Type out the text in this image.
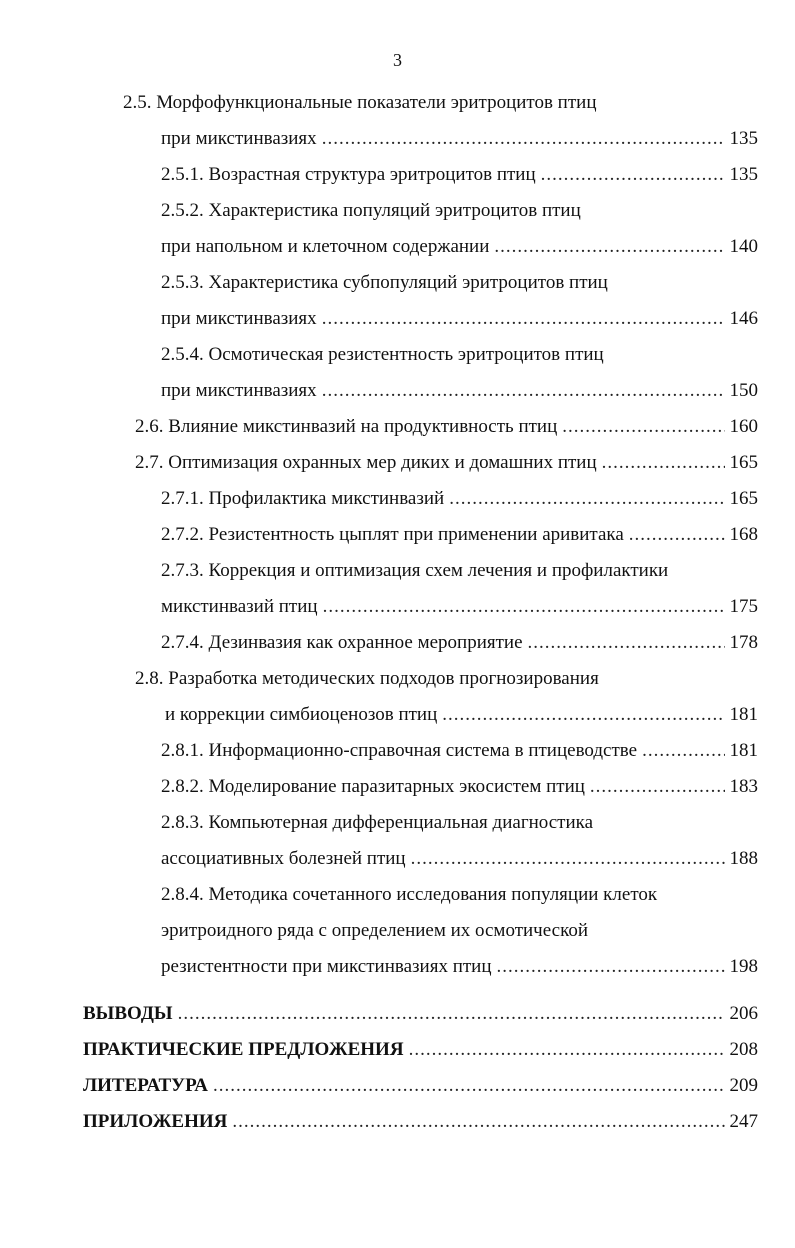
3
2.5. Морфофункциональные показатели эритроцитов птиц
при микстинвазиях .....	135
2.5.1. Возрастная структура эритроцитов птиц .....	135
2.5.2. Характеристика популяций эритроцитов птиц
при напольном и клеточном содержании .....	140
2.5.3. Характеристика субпопуляций эритроцитов птиц
при микстинвазиях .....	146
2.5.4. Осмотическая резистентность эритроцитов птиц
при микстинвазиях .....	150
2.6. Влияние микстинвазий на продуктивность птиц .....	160
2.7. Оптимизация охранных мер диких и домашних птиц .....	165
2.7.1. Профилактика микстинвазий .....	165
2.7.2. Резистентность цыплят при применении аривитака .....	168
2.7.3. Коррекция и оптимизация схем лечения и профилактики
микстинвазий птиц .....	175
2.7.4. Дезинвазия как охранное мероприятие .....	178
2.8. Разработка методических подходов прогнозирования
и коррекции симбиоценозов птиц .....	181
2.8.1. Информационно-справочная система в птицеводстве .....	181
2.8.2. Моделирование паразитарных экосистем птиц .....	183
2.8.3. Компьютерная дифференциальная диагностика
ассоциативных болезней птиц .....	188
2.8.4. Методика сочетанного исследования популяции клеток
эритроидного ряда с определением их осмотической
резистентности при микстинвазиях птиц .....	198
ВЫВОДЫ .....	206
ПРАКТИЧЕСКИЕ ПРЕДЛОЖЕНИЯ .....	208
ЛИТЕРАТУРА .....	209
ПРИЛОЖЕНИЯ .....	247
